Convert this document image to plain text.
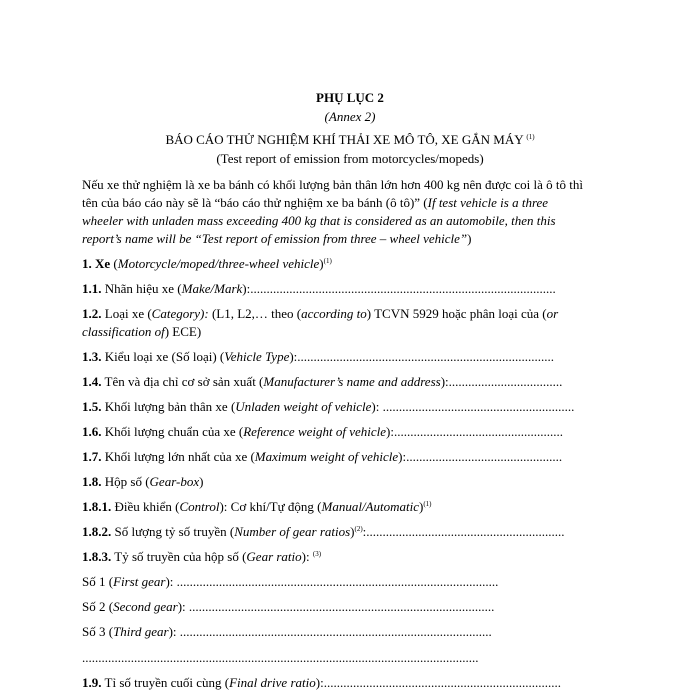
PHỤ LỤC 2
(Annex 2)
BÁO CÁO THỬ NGHIỆM KHÍ THẢI XE MÔ TÔ, XE GẮN MÁY $^{(1)}$
(Test report of emission from motorcycles/mopeds)
Nếu xe thử nghiệm là xe ba bánh có khối lượng bản thân lớn hơn 400 kg nên được coi là ô tô thì
tên của báo cáo này sẽ là “báo cáo thử nghiệm xe ba bánh (ô tô)” (If test vehicle is a three
wheeler with unladen mass exceeding 400 kg that is considered as an automobile, then this
report’s name will be “Test report of emission from three – wheel vehicle”)
1. Xe (Motorcycle/moped/three-wheel vehicle)$^{(1)}$
1.1. Nhãn hiệu xe (Make/Mark):..............................................................................................
1.2. Loại xe (Category): (L1, L2,… theo (according to) TCVN 5929 hoặc phân loại của (or
classification of) ECE)
1.3. Kiểu loại xe (Số loại) (Vehicle Type):...............................................................................
1.4. Tên và địa chỉ cơ sở sản xuất (Manufacturer’s name and address):...................................
1.5. Khối lượng bản thân xe (Unladen weight of vehicle): ...........................................................
1.6. Khối lượng chuẩn của xe (Reference weight of vehicle):....................................................
1.7. Khối lượng lớn nhất của xe (Maximum weight of vehicle):................................................
1.8. Hộp số (Gear-box)
1.8.1. Điều khiển (Control): Cơ khí/Tự động (Manual/Automatic)$^{(1)}$
1.8.2. Số lượng tỷ số truyền (Number of gear ratios)$^{(2)}$:.............................................................
1.8.3. Tỷ số truyền của hộp số (Gear ratio): $^{(3)}$
Số 1 (First gear): ...................................................................................................
Số 2 (Second gear): ..............................................................................................
Số 3 (Third gear): ................................................................................................
..........................................................................................................................
1.9. Tỉ số truyền cuối cùng (Final drive ratio):.........................................................................
